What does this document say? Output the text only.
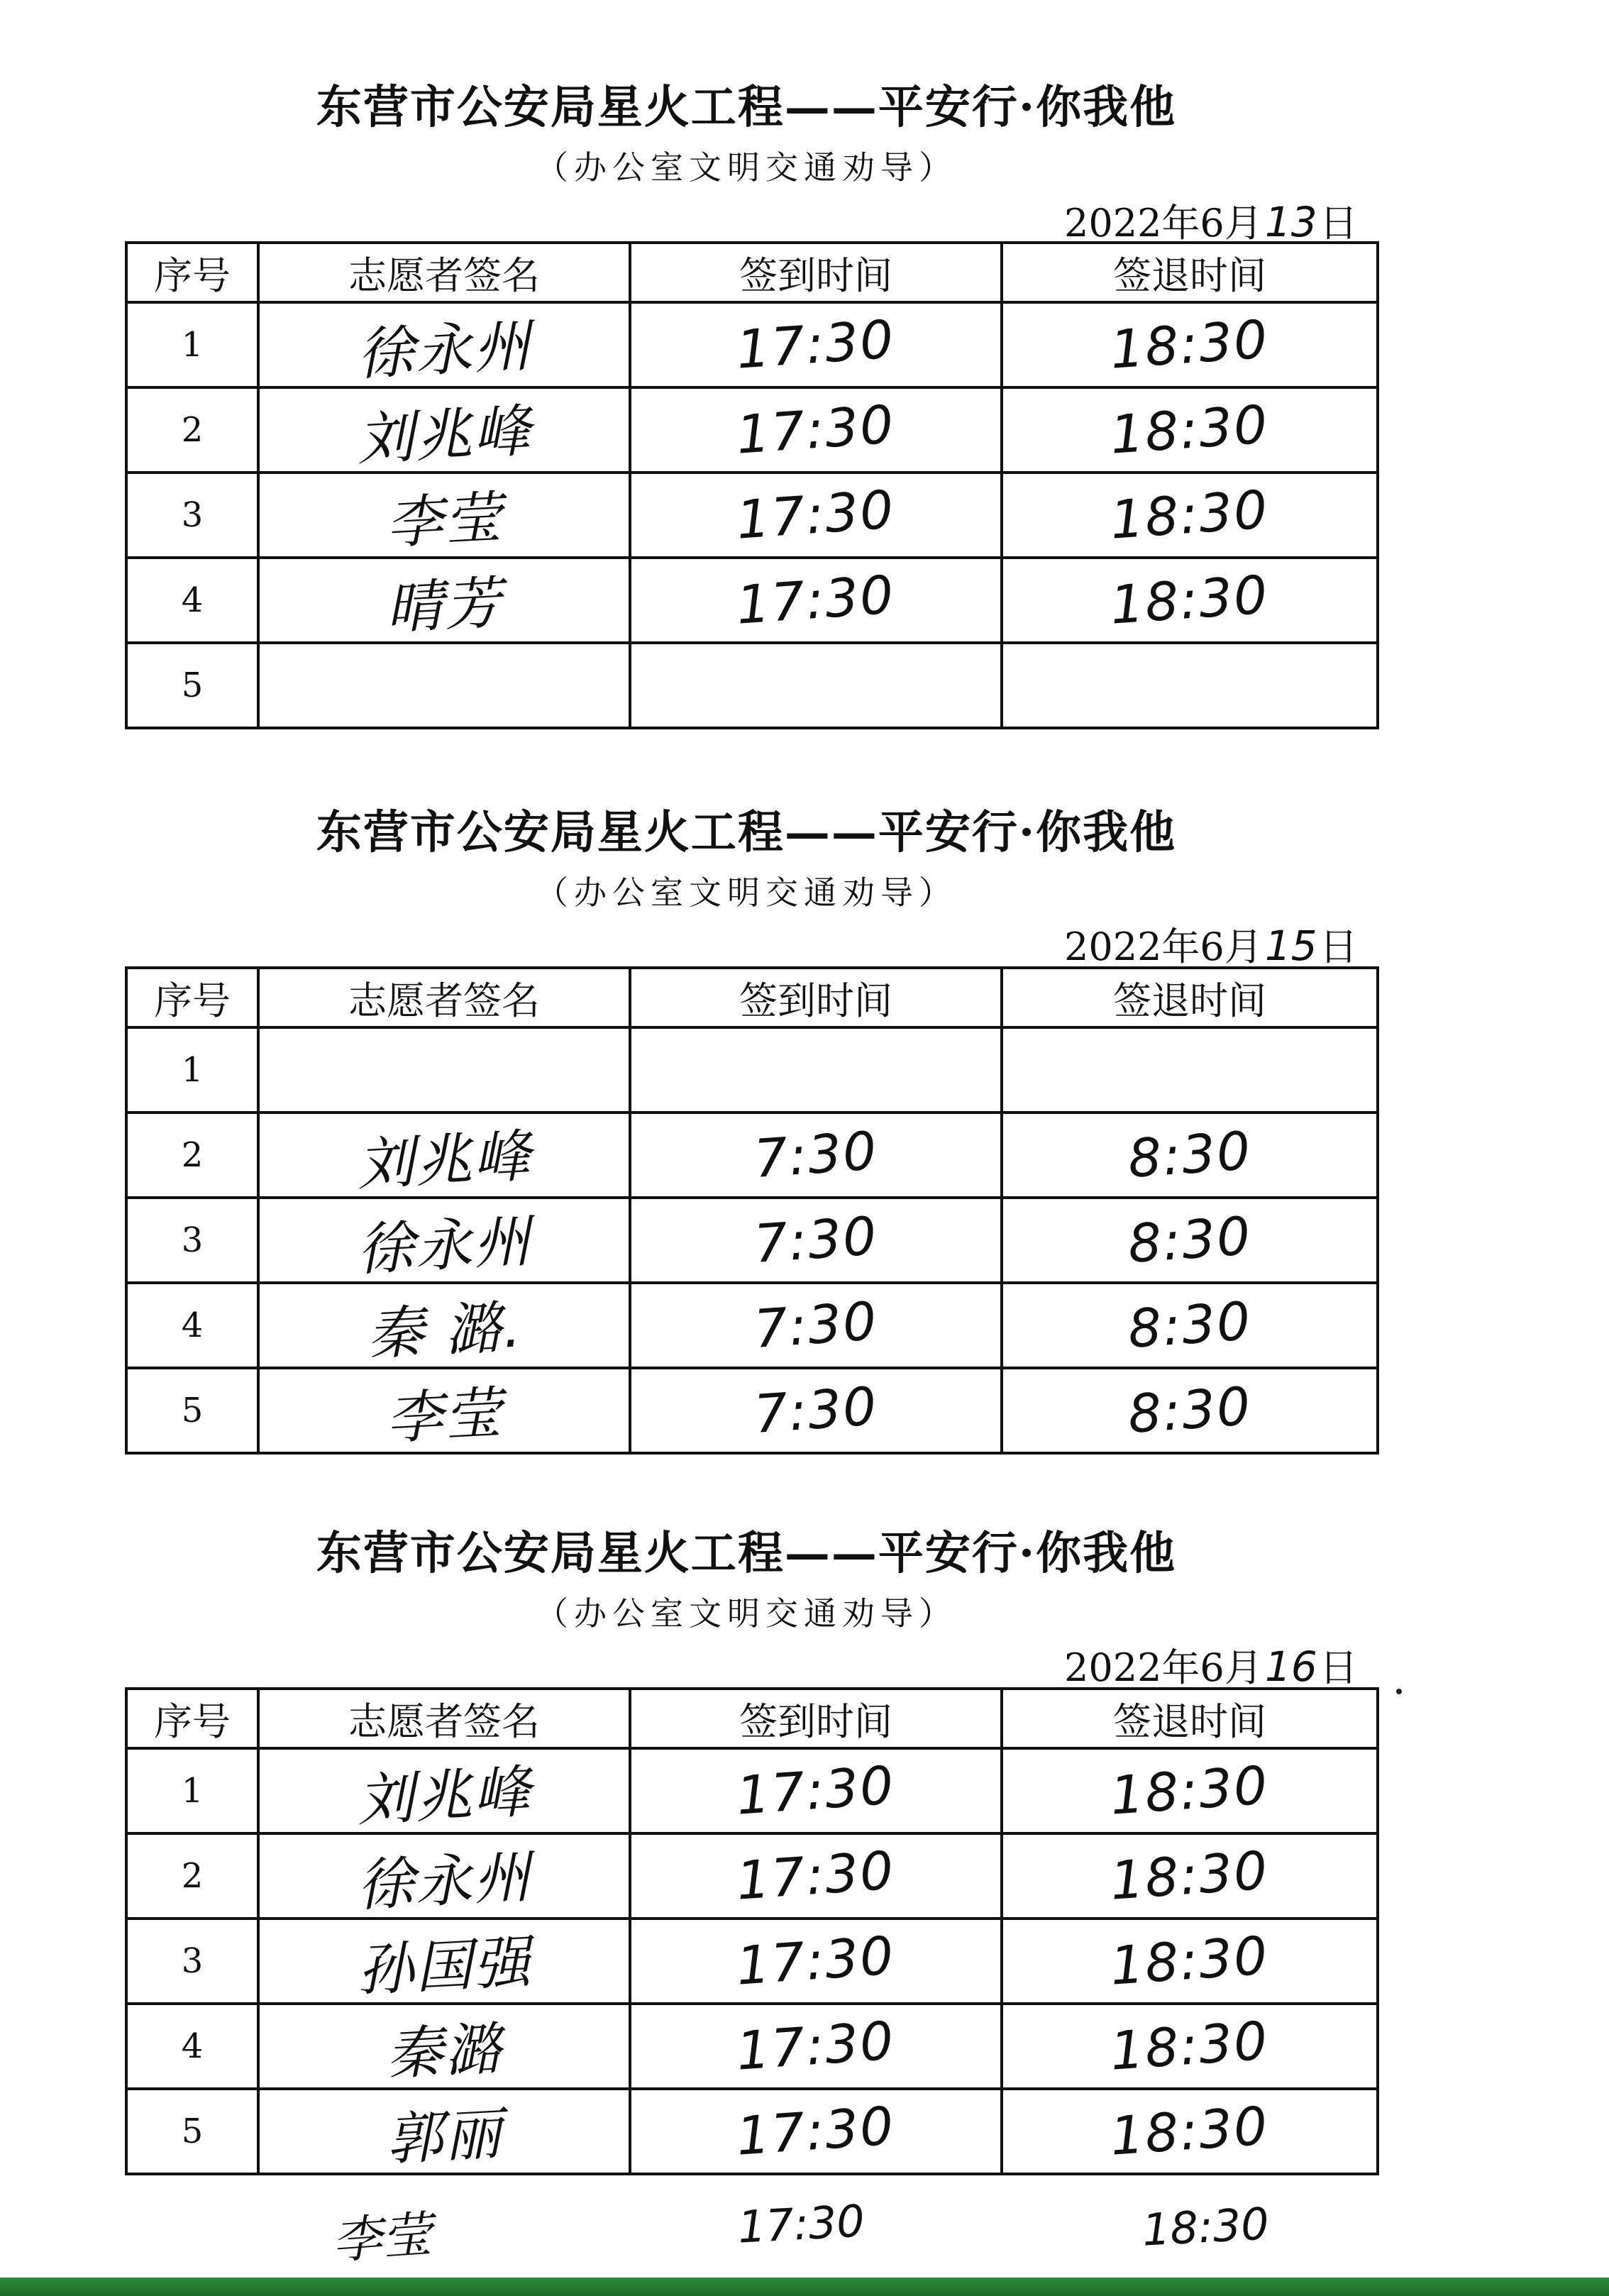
东营市公安局星火工程——平安行·你我他
（办公室文明交通劝导）
2022年6月13日
序号	志愿者签名	签到时间	签退时间
1	徐永州	17:30	18:30
2	刘兆峰	17:30	18:30
3	李莹	17:30	18:30
4	晴芳	17:30	18:30
5			
东营市公安局星火工程——平安行·你我他
（办公室文明交通劝导）
2022年6月15日
序号	志愿者签名	签到时间	签退时间
1			
2	刘兆峰	7:30	8:30
3	徐永州	7:30	8:30
4	秦 潞.	7:30	8:30
5	李莹	7:30	8:30
东营市公安局星火工程——平安行·你我他
（办公室文明交通劝导）
2022年6月16日
序号	志愿者签名	签到时间	签退时间
1	刘兆峰	17:30	18:30
2	徐永州	17:30	18:30
3	孙国强	17:30	18:30
4	秦潞	17:30	18:30
5	郭丽	17:30	18:30
李莹	17:30	18:30
